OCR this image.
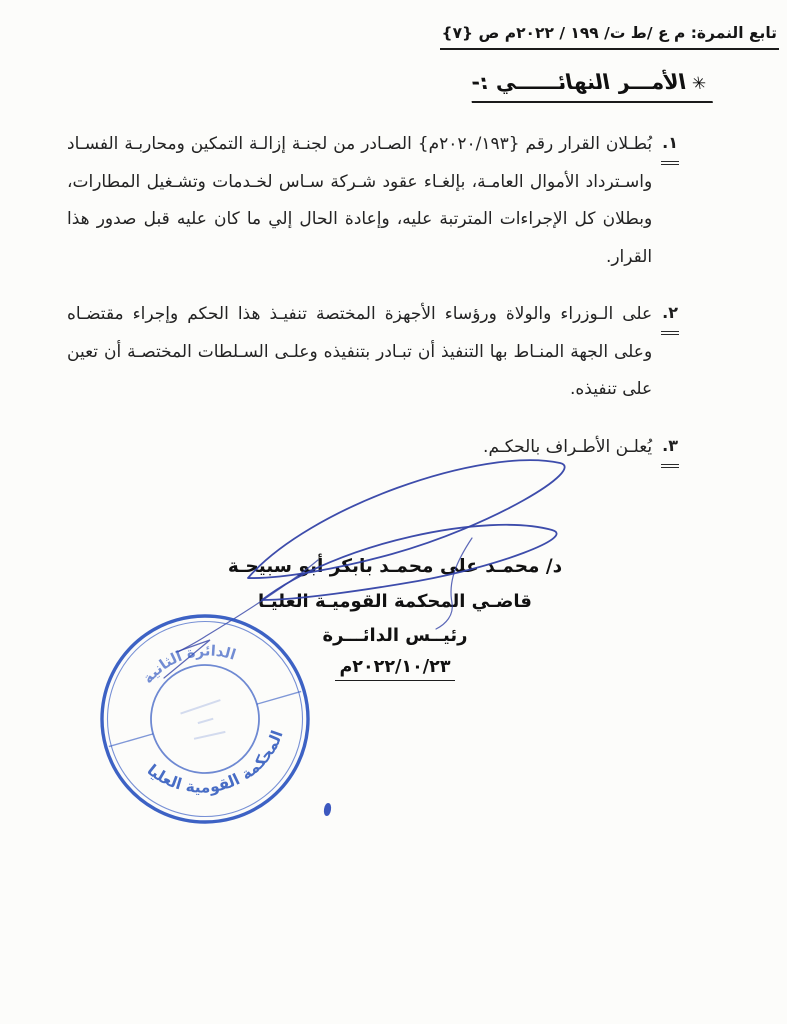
تابع النمرة: م ع /ط ت/ ١٩٩ / ٢٠٢٢م ص {٧}
✳الأمـــر النهائــــــي :-
١.

بُطـلان القرار رقم {٢٠٢٠/١٩٣م} الصـادر من لجنـة إزالـة التمكين ومحاربـة الفسـاد واسـترداد الأموال العامـة، بإلغـاء عقود شـركة سـاس لخـدمات وتشـغيل المطارات، وبطلان كل الإجراءات المترتبة عليه، وإعادة الحال إلي ما كان عليه قبل صدور هذا القرار.

٢.

على الـوزراء والولاة ورؤساء الأجهزة المختصة تنفيـذ هذا الحكم وإجراء مقتضـاه وعلى الجهة المنـاط بها التنفيذ أن تبـادر بتنفيذه وعلـى السـلطات المختصـة أن تعين على تنفيذه.

٣.

يُعلـن الأطـراف بالحكـم.

د/ محمـد على محمـد بابكر أبو سبيحـة
قاضـي المحكمة القوميـة العليـا
رئيــس الدائـــرة
٢٠٢٢/١٠/٢٣م
الدائرة الثانية
المحكمة القومية العليا
